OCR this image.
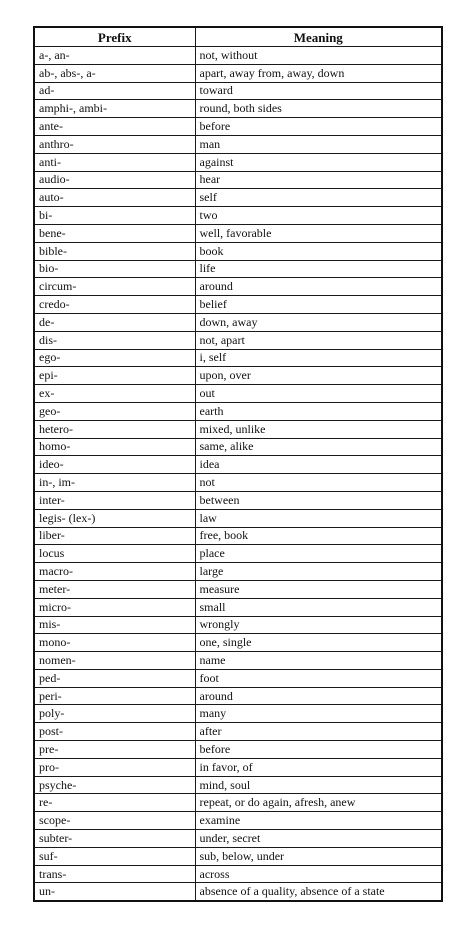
Prefix	Meaning
a-, an-	not, without
ab-, abs-, a-	apart, away from, away, down
ad-	toward
amphi-, ambi-	round, both sides
ante-	before
anthro-	man
anti-	against
audio-	hear
auto-	self
bi-	two
bene-	well, favorable
bible-	book
bio-	life
circum-	around
credo-	belief
de-	down, away
dis-	not, apart
ego-	i, self
epi-	upon, over
ex-	out
geo-	earth
hetero-	mixed, unlike
homo-	same, alike
ideo-	idea
in-, im-	not
inter-	between
legis- (lex-)	law
liber-	free, book
locus	place
macro-	large
meter-	measure
micro-	small
mis-	wrongly
mono-	one, single
nomen-	name
ped-	foot
peri-	around
poly-	many
post-	after
pre-	before
pro-	in favor, of
psyche-	mind, soul
re-	repeat, or do again, afresh, anew
scope-	examine
subter-	under, secret
suf-	sub, below, under
trans-	across
un-	absence of a quality, absence of a state
